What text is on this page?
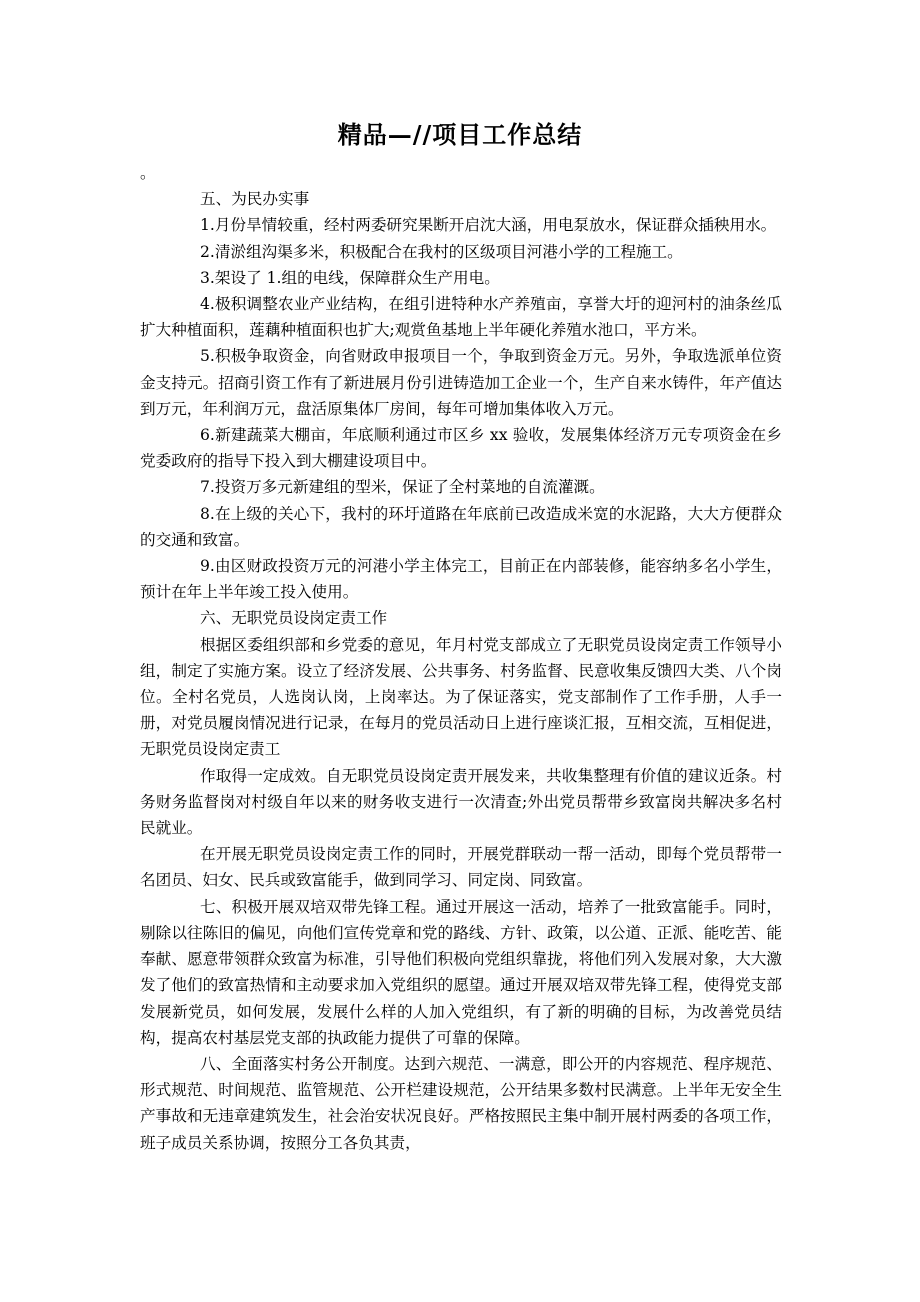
精品—//项目工作总结

。

五、为民办实事

1.月份旱情较重，经村两委研究果断开启沈大涵，用电泵放水，保证群众插秧用水。

2.清淤组沟渠多米，积极配合在我村的区级项目河港小学的工程施工。

3.架设了 1.组的电线，保障群众生产用电。

4.极积调整农业产业结构，在组引进特种水产养殖亩，享誉大圩的迎河村的油条丝瓜扩大种植面积，莲藕种植面积也扩大;观赏鱼基地上半年硬化养殖水池口，平方米。

5.积极争取资金，向省财政申报项目一个，争取到资金万元。另外，争取选派单位资金支持元。招商引资工作有了新进展月份引进铸造加工企业一个，生产自来水铸件，年产值达到万元，年利润万元，盘活原集体厂房间，每年可增加集体收入万元。

6.新建蔬菜大棚亩，年底顺利通过市区乡 xx 验收，发展集体经济万元专项资金在乡党委政府的指导下投入到大棚建设项目中。

7.投资万多元新建组的型米，保证了全村菜地的自流灌溉。

8.在上级的关心下，我村的环圩道路在年底前已改造成米宽的水泥路，大大方便群众的交通和致富。

9.由区财政投资万元的河港小学主体完工，目前正在内部装修，能容纳多名小学生，预计在年上半年竣工投入使用。

六、无职党员设岗定责工作

根据区委组织部和乡党委的意见，年月村党支部成立了无职党员设岗定责工作领导小组，制定了实施方案。设立了经济发展、公共事务、村务监督、民意收集反馈四大类、八个岗位。全村名党员，人选岗认岗，上岗率达。为了保证落实，党支部制作了工作手册，人手一册，对党员履岗情况进行记录，在每月的党员活动日上进行座谈汇报，互相交流，互相促进，无职党员设岗定责工

作取得一定成效。自无职党员设岗定责开展发来，共收集整理有价值的建议近条。村务财务监督岗对村级自年以来的财务收支进行一次清查;外出党员帮带乡致富岗共解决多名村民就业。

在开展无职党员设岗定责工作的同时，开展党群联动一帮一活动，即每个党员帮带一名团员、妇女、民兵或致富能手，做到同学习、同定岗、同致富。

七、积极开展双培双带先锋工程。通过开展这一活动，培养了一批致富能手。同时，剔除以往陈旧的偏见，向他们宣传党章和党的路线、方针、政策，以公道、正派、能吃苦、能奉献、愿意带领群众致富为标准，引导他们积极向党组织靠拢，将他们列入发展对象，大大激发了他们的致富热情和主动要求加入党组织的愿望。通过开展双培双带先锋工程，使得党支部发展新党员，如何发展，发展什么样的人加入党组织，有了新的明确的目标，为改善党员结构，提高农村基层党支部的执政能力提供了可靠的保障。

八、全面落实村务公开制度。达到六规范、一满意，即公开的内容规范、程序规范、形式规范、时间规范、监管规范、公开栏建设规范，公开结果多数村民满意。上半年无安全生产事故和无违章建筑发生，社会治安状况良好。严格按照民主集中制开展村两委的各项工作，班子成员关系协调，按照分工各负其责，
